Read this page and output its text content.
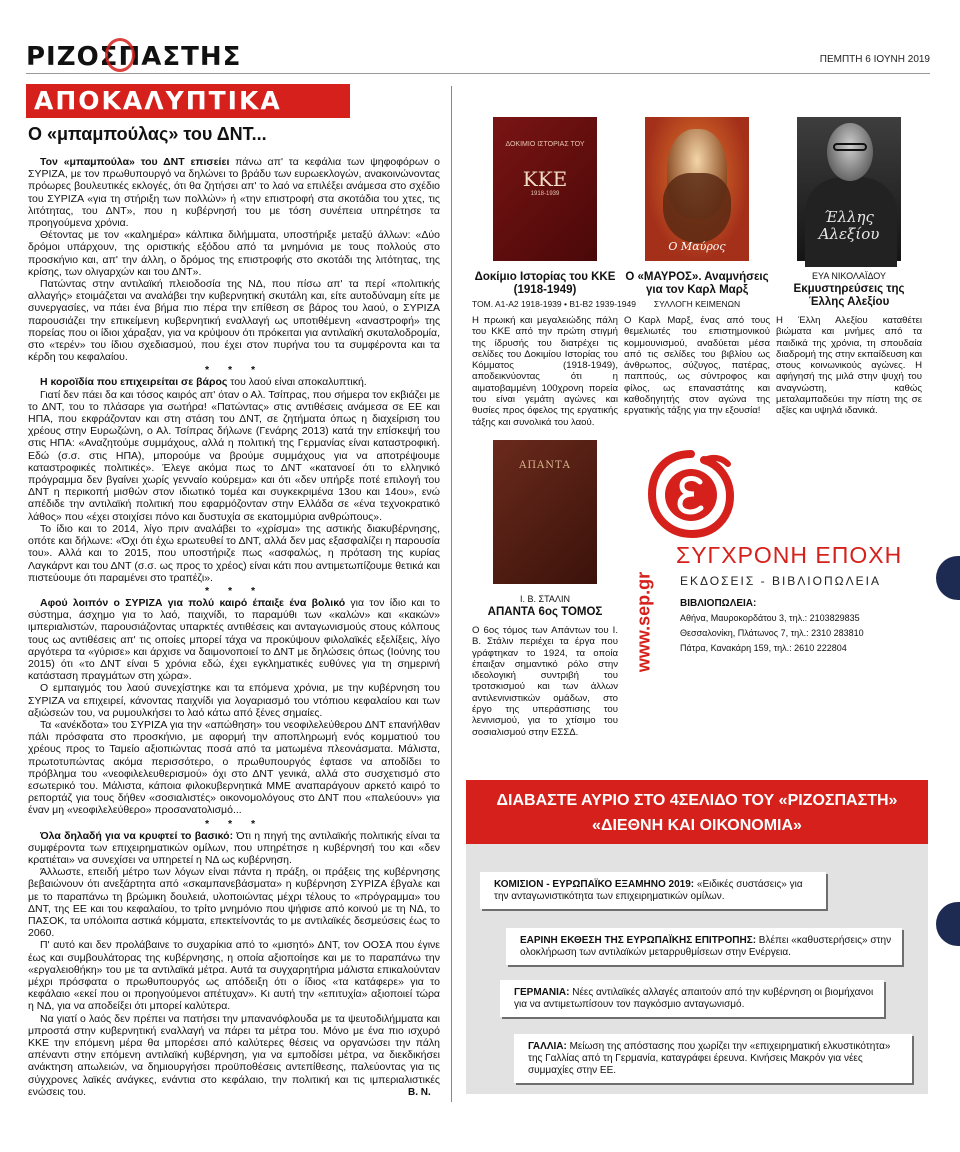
ΡΙΖΟΣΠΑΣΤΗΣ	ΠΕΜΠΤΗ 6 ΙΟΥΝΗ 2019
ΑΠΟΚΑΛΥΠΤΙΚΑ
Ο «μπαμπούλας» του ΔΝΤ...

Τον «μπαμπούλα» του ΔΝΤ επισείει πάνω απ' τα κεφάλια των ψηφοφόρων ο ΣΥΡΙΖΑ, με τον πρωθυπουργό να δηλώνει το βράδυ των ευρωεκλογών, ανακοινώνοντας πρόωρες βουλευτικές εκλογές, ότι θα ζητήσει απ' το λαό να επιλέξει ανάμεσα στο σχέδιο του ΣΥΡΙΖΑ «για τη στήριξη των πολλών» ή «την επιστροφή στα σκοτάδια του χτες, τις λιτότητας, του ΔΝΤ», που η κυβέρνησή του με τόση συνέπεια υπηρέτησε τα προηγούμενα χρόνια.

Θέτοντας με τον «καλημέρα» κάλπικα διλήμματα, υποστήριξε μεταξύ άλλων: «Δύο δρόμοι υπάρχουν, της οριστικής εξόδου από τα μνημόνια με τους πολλούς στο προσκήνιο και, απ' την άλλη, ο δρόμος της επιστροφής στο σκοτάδι της λιτότητας, της κρίσης, των ολιγαρχών και του ΔΝΤ».

Πατώντας στην αντιλαϊκή πλειοδοσία της ΝΔ, που πίσω απ' τα περί «πολιτικής αλλαγής» ετοιμάζεται να αναλάβει την κυβερνητική σκυτάλη και, είτε αυτοδύναμη είτε με συνεργασίες, να πάει ένα βήμα πιο πέρα την επίθεση σε βάρος του λαού, ο ΣΥΡΙΖΑ παρουσιάζει την επικείμενη κυβερνητική εναλλαγή ως υποτιθέμενη «αναστροφή» της πορείας που οι ίδιοι χάραξαν, για να κρύψουν ότι πρόκειται για αντιλαϊκή σκυταλοδρομία, στο «τερέν» του ίδιου σχεδιασμού, που έχει στον πυρήνα του τα συμφέροντα και τα κέρδη του κεφαλαίου.

* * *

Η κοροϊδία που επιχειρείται σε βάρος του λαού είναι αποκαλυπτική.

Γιατί δεν πάει δα και τόσος καιρός απ' όταν ο Αλ. Τσίπρας, που σήμερα τον εκβιάζει με το ΔΝΤ, του το πλάσαρε για σωτήρα! «Πατώντας» στις αντιθέσεις ανάμεσα σε ΕΕ και ΗΠΑ, που εκφράζονταν και στη στάση του ΔΝΤ, σε ζητήματα όπως η διαχείριση του χρέους στην Ευρωζώνη, ο Αλ. Τσίπρας δήλωνε (Γενάρης 2013) κατά την επίσκεψή του στις ΗΠΑ: «Αναζητούμε συμμάχους, αλλά η πολιτική της Γερμανίας είναι καταστροφική. Εδώ (σ.σ. στις ΗΠΑ), μπορούμε να βρούμε συμμάχους για να αποτρέψουμε καταστροφικές πολιτικές». Έλεγε ακόμα πως το ΔΝΤ «κατανοεί ότι το ελληνικό πρόγραμμα δεν βγαίνει χωρίς γενναίο κούρεμα» και ότι «δεν υπήρξε ποτέ επιλογή του ΔΝΤ η περικοπή μισθών στον ιδιωτικό τομέα και συγκεκριμένα 13ου και 14ου», ενώ απέδιδε την αντιλαϊκή πολιτική που εφαρμόζονταν στην Ελλάδα σε «ένα τεχνοκρατικό λάθος» που «έχει στοιχίσει πόνο και δυστυχία σε εκατομμύρια ανθρώπους».

Το ίδιο και το 2014, λίγο πριν αναλάβει το «χρίσμα» της αστικής διακυβέρνησης, οπότε και δήλωνε: «Όχι ότι έχω ερωτευθεί το ΔΝΤ, αλλά δεν μας εξασφαλίζει η παρουσία του». Αλλά και το 2015, που υποστήριζε πως «ασφαλώς, η πρόταση της κυρίας Λαγκάρντ και του ΔΝΤ (σ.σ. ως προς το χρέος) είναι κάτι που αντιμετωπίζουμε θετικά και πιστεύουμε ότι παραμένει στο τραπέζι».

* * *

Αφού λοιπόν ο ΣΥΡΙΖΑ για πολύ καιρό έπαιξε ένα βολικό για τον ίδιο και το σύστημα, άσχημο για το λαό, παιχνίδι, το παραμύθι των «καλών» και «κακών» ιμπεριαλιστών, παρουσιάζοντας υπαρκτές αντιθέσεις και ανταγωνισμούς στους κόλπους τους ως αντιθέσεις απ' τις οποίες μπορεί τάχα να προκύψουν φιλολαϊκές εξελίξεις, λίγο αργότερα τα «γύρισε» και άρχισε να δαιμονοποιεί το ΔΝΤ με δηλώσεις όπως (Ιούνης του 2015) ότι «το ΔΝΤ είναι 5 χρόνια εδώ, έχει εγκληματικές ευθύνες για τη σημερινή κατάσταση πραγμάτων στη χώρα».

Ο εμπαιγμός του λαού συνεχίστηκε και τα επόμενα χρόνια, με την κυβέρνηση του ΣΥΡΙΖΑ να επιχειρεί, κάνοντας παιχνίδι για λογαριασμό του ντόπιου κεφαλαίου και των αξιώσεών του, να ρυμουλκήσει το λαό κάτω από ξένες σημαίες.

Τα «ανέκδοτα» του ΣΥΡΙΖΑ για την «απώθηση» του νεοφιλελεύθερου ΔΝΤ επανήλθαν πάλι πρόσφατα στο προσκήνιο, με αφορμή την αποπληρωμή ενός κομματιού του χρέους προς το Ταμείο αξιοπιώντας ποσά από τα ματωμένα πλεονάσματα. Μάλιστα, πρωτοτυπώντας ακόμα περισσότερο, ο πρωθυπουργός έφτασε να αποδίδει το πρόβλημα του «νεοφιλελευθερισμού» όχι στο ΔΝΤ γενικά, αλλά στο συσχετισμό στο εσωτερικό του. Μάλιστα, κάποια φιλοκυβερνητικά ΜΜΕ αναπαράγουν αρκετό καιρό το ρεπορτάζ για τους δήθεν «σοσιαλιστές» οικονομολόγους στο ΔΝΤ που «παλεύουν» για έναν μη «νεοφιλελεύθερο» προσανατολισμό...

* * *

Όλα δηλαδή για να κρυφτεί το βασικό: Ότι η πηγή της αντιλαϊκής πολιτικής είναι τα συμφέροντα των επιχειρηματικών ομίλων, που υπηρέτησε η κυβέρνησή του και «δεν κρατιέται» να συνεχίσει να υπηρετεί η ΝΔ ως κυβέρνηση.

Άλλωστε, επειδή μέτρο των λόγων είναι πάντα η πράξη, οι πράξεις της κυβέρνησης βεβαιώνουν ότι ανεξάρτητα από «σκαμπανεβάσματα» η κυβέρνηση ΣΥΡΙΖΑ έβγαλε και με το παραπάνω τη βρώμικη δουλειά, υλοποιώντας μέχρι τέλους το «πρόγραμμα» του ΔΝΤ, της ΕΕ και του κεφαλαίου, το τρίτο μνημόνιο που ψήφισε από κοινού με τη ΝΔ, το ΠΑΣΟΚ, τα υπόλοιπα αστικά κόμματα, επεκτείνοντάς το με αντιλαϊκές δεσμεύσεις έως το 2060.

Π' αυτό και δεν προλάβαινε το συχαρίκια από το «μισητό» ΔΝΤ, τον ΟΟΣΑ που έγινε έως και συμβουλάτορας της κυβέρνησης, η οποία αξιοποίησε και με το παραπάνω την «εργαλειοθήκη» του με τα αντιλαϊκά μέτρα. Αυτά τα συγχαρητήρια μάλιστα επικαλούνταν μέχρι πρόσφατα ο πρωθυπουργός ως απόδειξη ότι ο ίδιος «τα κατάφερε» για το κεφάλαιο «εκεί που οι προηγούμενοι απέτυχαν». Κι αυτή την «επιτυχία» αξιοποιεί τώρα η ΝΔ, για να αποδείξει ότι μπορεί καλύτερα.

Να γιατί ο λαός δεν πρέπει να πατήσει την μπανανόφλουδα με τα ψευτοδιλήμματα και μπροστά στην κυβερνητική εναλλαγή να πάρει τα μέτρα του. Μόνο με ένα πιο ισχυρό ΚΚΕ την επόμενη μέρα θα μπορέσει από καλύτερες θέσεις να οργανώσει την πάλη απέναντι στην επόμενη αντιλαϊκή κυβέρνηση, για να εμποδίσει μέτρα, να διεκδικήσει ανάκτηση απωλειών, να δημιουργήσει προϋποθέσεις αντεπίθεσης, παλεύοντας για τις σύγχρονες λαϊκές ανάγκες, ενάντια στο κεφάλαιο, την πολιτική και τις ιμπεριαλιστικές ενώσεις του.	Β. Ν.
ΔΟΚΙΜΙΟ ΙΣΤΟΡΙΑΣ ΤΟΥ
ΚΚΕ
1918-1939
Δοκίμιο Ιστορίας του ΚΚΕ (1918-1949)
ΤΟΜ. Α1-Α2 1918-1939 • Β1-Β2 1939-1949
Η πρωική και μεγαλειώδης πάλη του ΚΚΕ από την πρώτη στιγμή της ίδρυσής του διατρέχει τις σελίδες του Δοκιμίου Ιστορίας του Κόμματος (1918-1949), αποδεικνύοντας ότι η αιματοβαμμένη 100χρονη πορεία του είναι γεμάτη αγώνες και θυσίες προς όφελος της εργατικής τάξης και συνολικά του λαού.
Ο Μαύρος
Ο «ΜΑΥΡΟΣ». Αναμνήσεις για τον Καρλ Μαρξ
ΣΥΛΛΟΓΗ ΚΕΙΜΕΝΩΝ
Ο Καρλ Μαρξ, ένας από τους θεμελιωτές του επιστημονικού κομμουνισμού, αναδύεται μέσα από τις σελίδες του βιβλίου ως άνθρωπος, σύζυγος, πατέρας, παππούς, ως σύντροφος και φίλος, ως επαναστάτης και καθοδηγητής στον αγώνα της εργατικής τάξης για την εξουσία!
Έλλης Αλεξίου
ΕΥΑ ΝΙΚΟΛΑΪΔΟΥ
Εκμυστηρεύσεις της Έλλης Αλεξίου
Η Έλλη Αλεξίου καταθέτει βιώματα και μνήμες από τα παιδικά της χρόνια, τη σπουδαία διαδρομή της στην εκπαίδευση και στους κοινωνικούς αγώνες. Η αφήγησή της μιλά στην ψυχή του αναγνώστη, καθώς μεταλαμπαδεύει την πίστη της σε αξίες και υψηλά ιδανικά.
ΑΠΑΝΤΑ
Ι. Β. ΣΤΑΛΙΝ
ΑΠΑΝΤΑ 6ος ΤΟΜΟΣ
Ο 6ος τόμος των Απάντων του Ι. Β. Στάλιν περιέχει τα έργα που γράφτηκαν το 1924, τα οποία έπαιξαν σημαντικό ρόλο στην ιδεολογική συντριβή του τροτσκισμού και των άλλων αντιλενινιστικών ομάδων, στο έργο της υπεράσπισης του λενινισμού, για το χτίσιμο του σοσιαλισμού στην ΕΣΣΔ.
www.sep.gr
ΣΥΓΧΡΟΝΗ ΕΠΟΧΗ
ΕΚΔΟΣΕΙΣ - ΒΙΒΛΙΟΠΩΛΕΙΑ
ΒΙΒΛΙΟΠΩΛΕΙΑ:
Αθήνα, Μαυροκορδάτου 3, τηλ.: 2103829835
Θεσσαλονίκη, Πλάτωνος 7, τηλ.: 2310 283810
Πάτρα, Κανακάρη 159, τηλ.: 2610 222804
ΔΙΑΒΑΣΤΕ ΑΥΡΙΟ ΣΤΟ 4ΣΕΛΙΔΟ ΤΟΥ «ΡΙΖΟΣΠΑΣΤΗ»
«ΔΙΕΘΝΗ ΚΑΙ ΟΙΚΟΝΟΜΙΑ»
ΚΟΜΙΣΙΟΝ - ΕΥΡΩΠΑΪΚΟ ΕΞΑΜΗΝΟ 2019: «Ειδικές συστάσεις» για την ανταγωνιστικότητα των επιχειρηματικών ομίλων.
ΕΑΡΙΝΗ ΕΚΘΕΣΗ ΤΗΣ ΕΥΡΩΠΑΪΚΗΣ ΕΠΙΤΡΟΠΗΣ: Βλέπει «καθυστερήσεις» στην ολοκλήρωση των αντιλαϊκών μεταρρυθμίσεων στην Ενέργεια.
ΓΕΡΜΑΝΙΑ: Νέες αντιλαϊκές αλλαγές απαιτούν από την κυβέρνηση οι βιομήχανοι για να αντιμετωπίσουν τον παγκόσμιο ανταγωνισμό.
ΓΑΛΛΙΑ: Μείωση της απόστασης που χωρίζει την «επιχειρηματική ελκυστικότητα» της Γαλλίας από τη Γερμανία, καταγράφει έρευνα. Κινήσεις Μακρόν για νέες συμμαχίες στην ΕΕ.
